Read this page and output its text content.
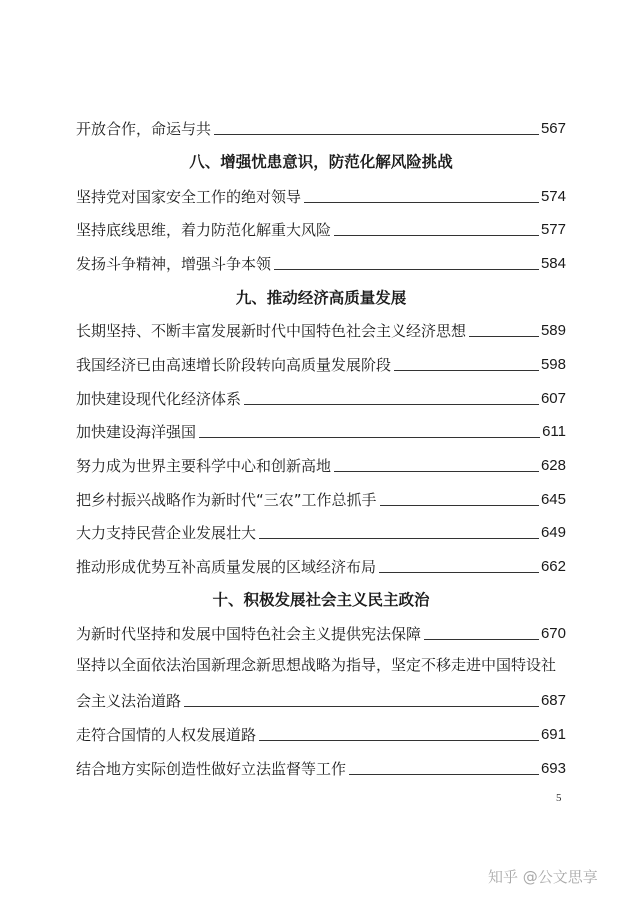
开放合作，命运与共	567
八、增强忧患意识，防范化解风险挑战
坚持党对国家安全工作的绝对领导	574
坚持底线思维，着力防范化解重大风险	577
发扬斗争精神，增强斗争本领	584
九、推动经济高质量发展
长期坚持、不断丰富发展新时代中国特色社会主义经济思想	589
我国经济已由高速增长阶段转向高质量发展阶段	598
加快建设现代化经济体系	607
加快建设海洋强国	611
努力成为世界主要科学中心和创新高地	628
把乡村振兴战略作为新时代“三农”工作总抓手	645
大力支持民营企业发展壮大	649
推动形成优势互补高质量发展的区域经济布局	662
十、积极发展社会主义民主政治
为新时代坚持和发展中国特色社会主义提供宪法保障	670
坚持以全面依法治国新理念新思想战略为指导，坚定不移走进中国特设社
会主义法治道路	687
走符合国情的人权发展道路	691
结合地方实际创造性做好立法监督等工作	693
5
知乎 @公文思享
